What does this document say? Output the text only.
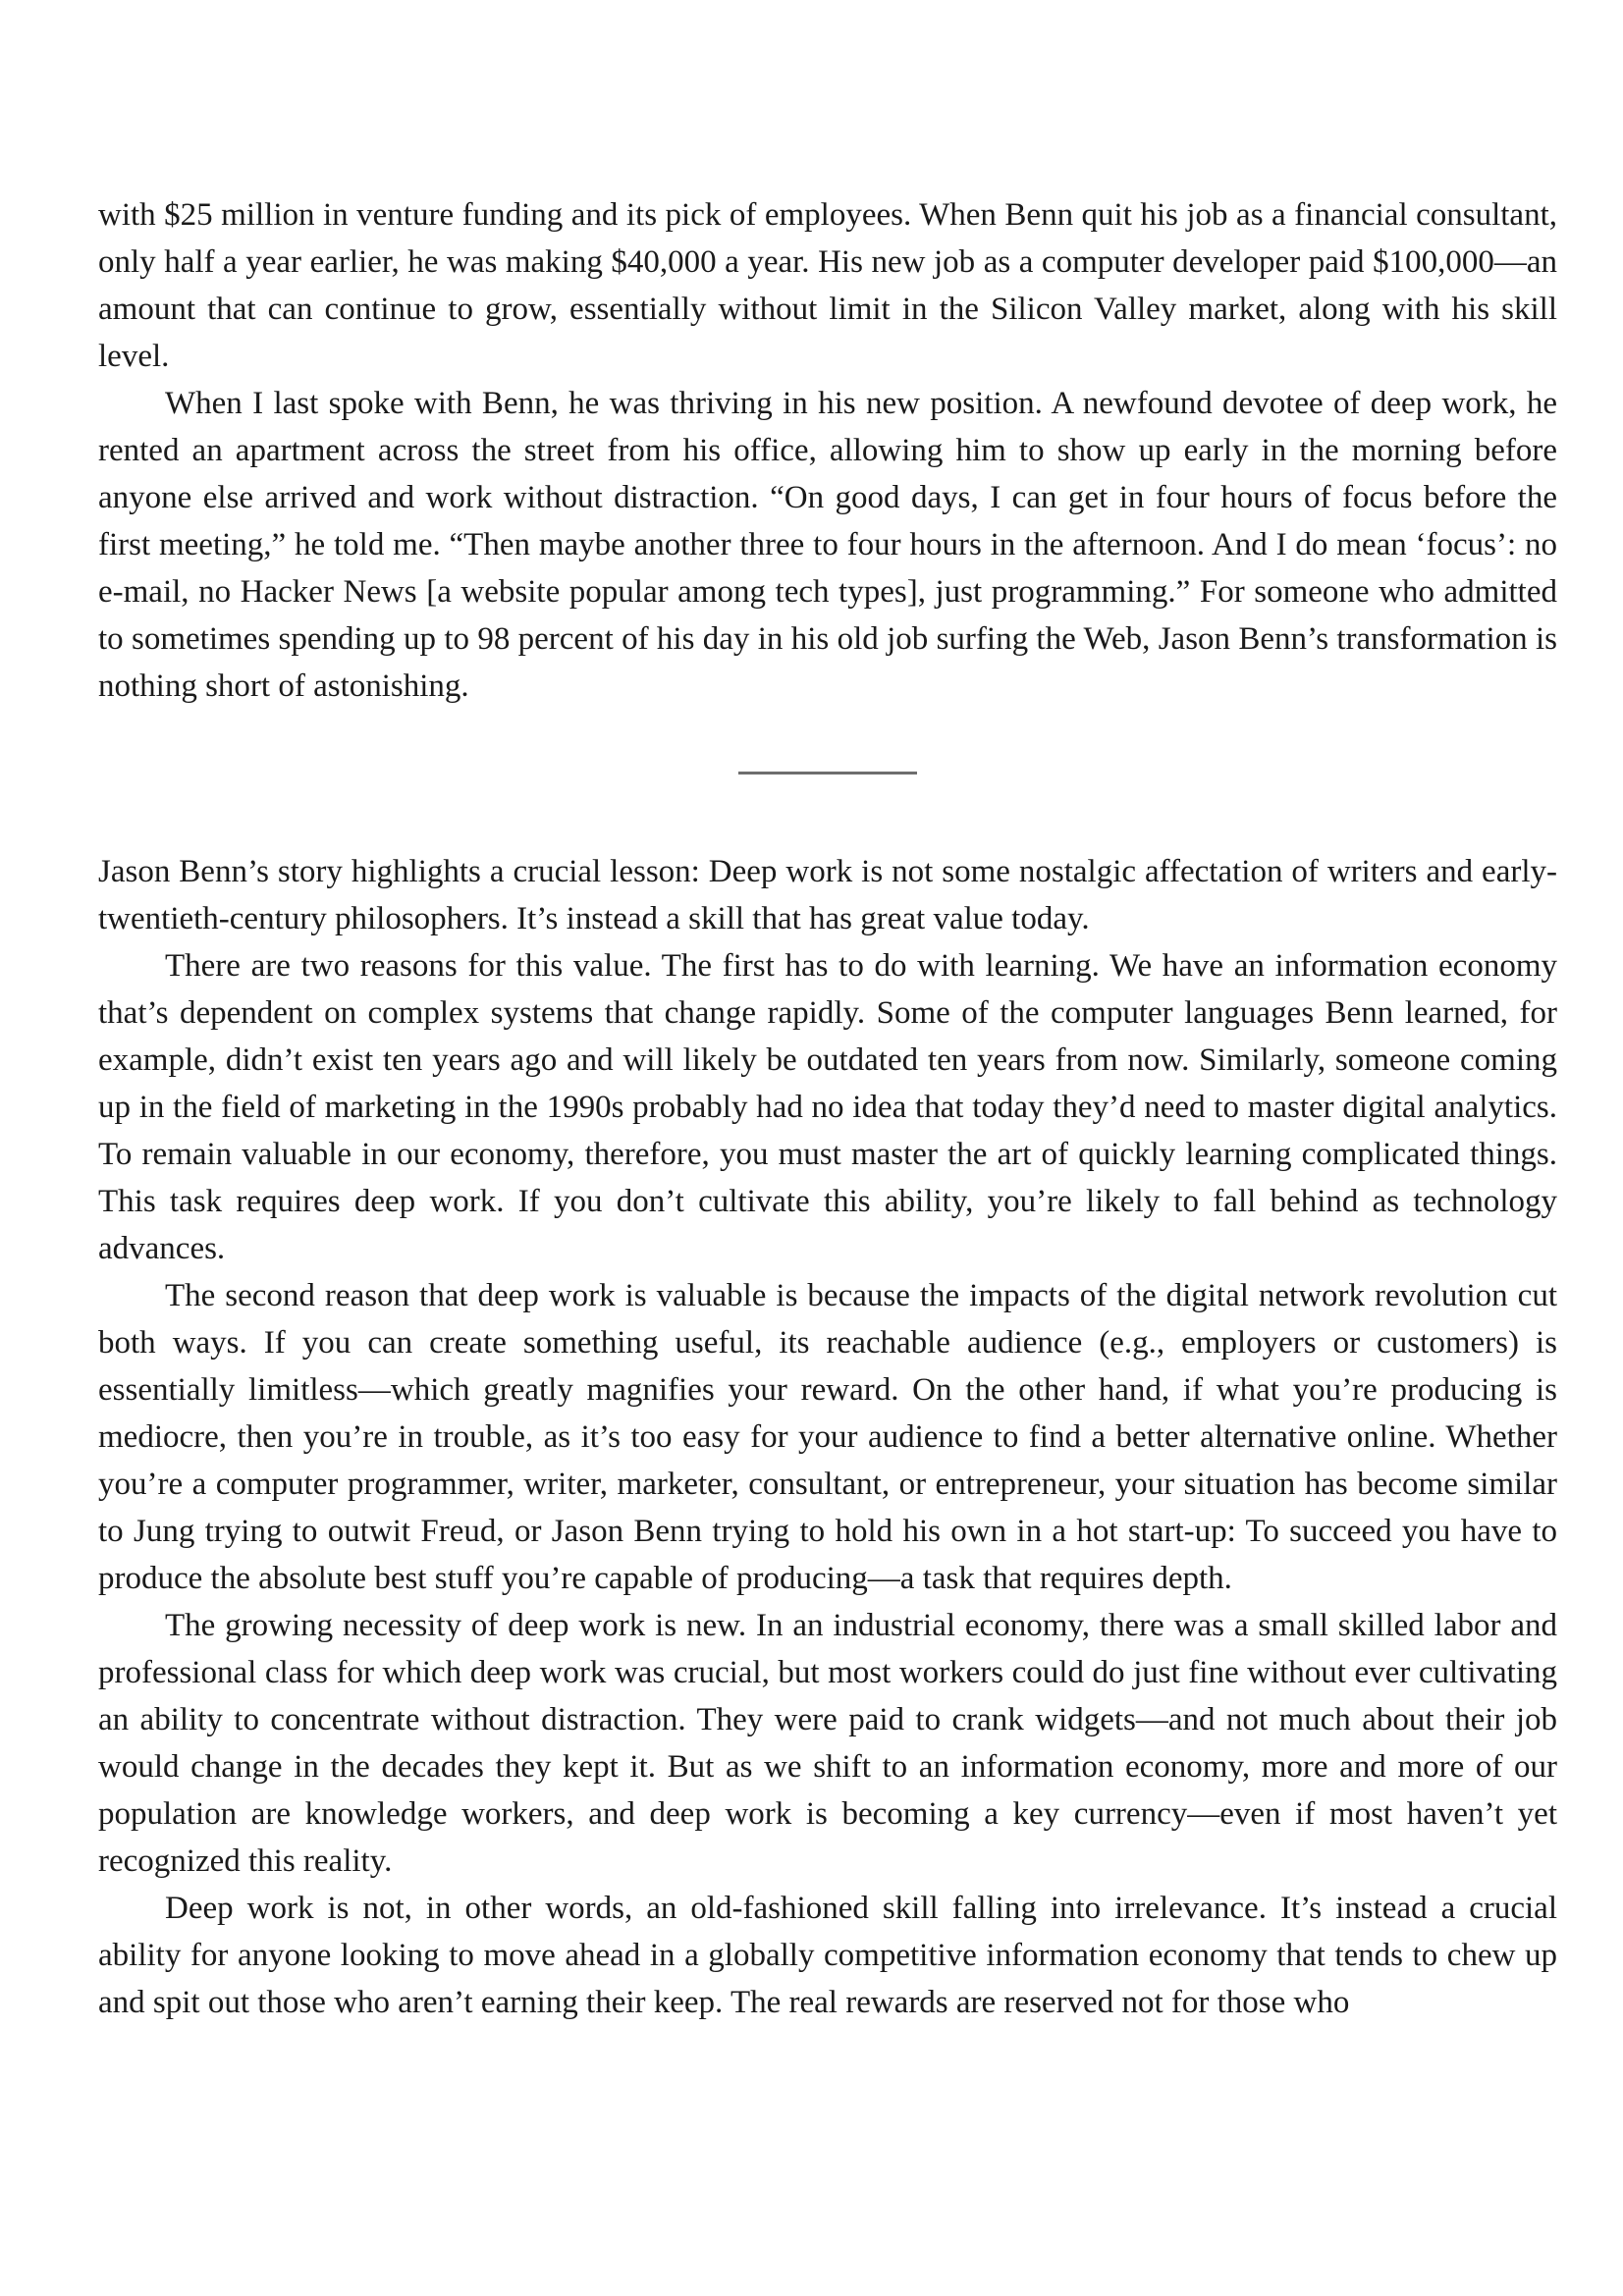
with $25 million in venture funding and its pick of employees. When Benn quit his job as a financial consultant, only half a year earlier, he was making $40,000 a year. His new job as a computer developer paid $100,000—an amount that can continue to grow, essentially without limit in the Silicon Valley market, along with his skill level.

When I last spoke with Benn, he was thriving in his new position. A newfound devotee of deep work, he rented an apartment across the street from his office, allowing him to show up early in the morning before anyone else arrived and work without distraction. “On good days, I can get in four hours of focus before the first meeting,” he told me. “Then maybe another three to four hours in the afternoon. And I do mean ‘focus’: no e-mail, no Hacker News [a website popular among tech types], just programming.” For someone who admitted to sometimes spending up to 98 percent of his day in his old job surfing the Web, Jason Benn’s transformation is nothing short of astonishing.

Jason Benn’s story highlights a crucial lesson: Deep work is not some nostalgic affectation of writers and early-twentieth-century philosophers. It’s instead a skill that has great value today.

There are two reasons for this value. The first has to do with learning. We have an information economy that’s dependent on complex systems that change rapidly. Some of the computer languages Benn learned, for example, didn’t exist ten years ago and will likely be outdated ten years from now. Similarly, someone coming up in the field of marketing in the 1990s probably had no idea that today they’d need to master digital analytics. To remain valuable in our economy, therefore, you must master the art of quickly learning complicated things. This task requires deep work. If you don’t cultivate this ability, you’re likely to fall behind as technology advances.

The second reason that deep work is valuable is because the impacts of the digital network revolution cut both ways. If you can create something useful, its reachable audience (e.g., employers or customers) is essentially limitless—which greatly magnifies your reward. On the other hand, if what you’re producing is mediocre, then you’re in trouble, as it’s too easy for your audience to find a better alternative online. Whether you’re a computer programmer, writer, marketer, consultant, or entrepreneur, your situation has become similar to Jung trying to outwit Freud, or Jason Benn trying to hold his own in a hot start-up: To succeed you have to produce the absolute best stuff you’re capable of producing—a task that requires depth.

The growing necessity of deep work is new. In an industrial economy, there was a small skilled labor and professional class for which deep work was crucial, but most workers could do just fine without ever cultivating an ability to concentrate without distraction. They were paid to crank widgets—and not much about their job would change in the decades they kept it. But as we shift to an information economy, more and more of our population are knowledge workers, and deep work is becoming a key currency—even if most haven’t yet recognized this reality.

Deep work is not, in other words, an old-fashioned skill falling into irrelevance. It’s instead a crucial ability for anyone looking to move ahead in a globally competitive information economy that tends to chew up and spit out those who aren’t earning their keep. The real rewards are reserved not for those who
